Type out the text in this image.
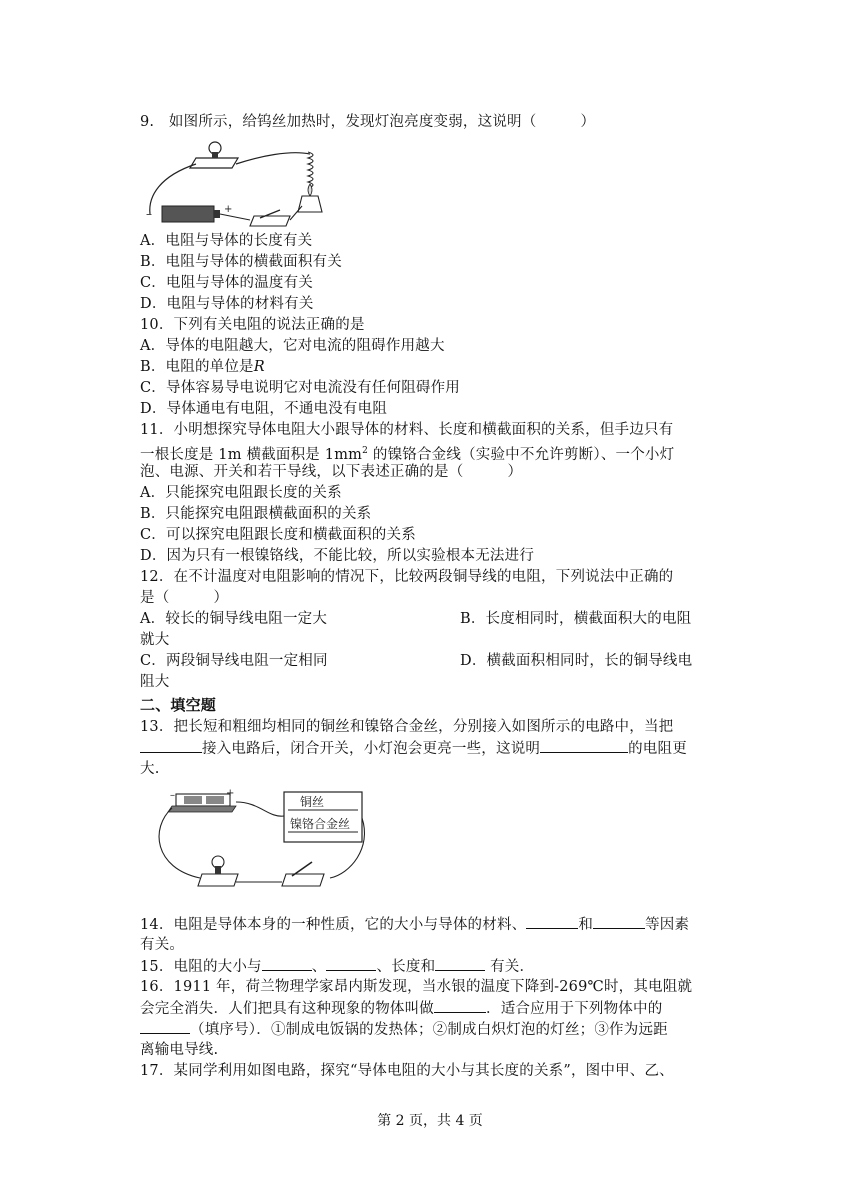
9.　如图所示，给钨丝加热时，发现灯泡亮度变弱，这说明（　　　）
–	+
A．电阻与导体的长度有关
B．电阻与导体的横截面积有关
C．电阻与导体的温度有关
D．电阻与导体的材料有关
10．下列有关电阻的说法正确的是
A．导体的电阻越大，它对电流的阻碍作用越大
B．电阻的单位是R
C．导体容易导电说明它对电流没有任何阻碍作用
D．导体通电有电阻，不通电没有电阻
11．小明想探究导体电阻大小跟导体的材料、长度和横截面积的关系，但手边只有
一根长度是 1m 横截面积是 $1mm^2$ 的镍铬合金线（实验中不允许剪断）、一个小灯
泡、电源、开关和若干导线，以下表述正确的是（　　　）
A．只能探究电阻跟长度的关系
B．只能探究电阻跟横截面积的关系
C．可以探究电阻跟长度和横截面积的关系
D．因为只有一根镍铬线，不能比较，所以实验根本无法进行
12．在不计温度对电阻影响的情况下，比较两段铜导线的电阻，下列说法中正确的
是（　　　）
A．较长的铜导线电阻一定大	B．长度相同时，横截面积大的电阻
就大
C．两段铜导线电阻一定相同	D．横截面积相同时，长的铜导线电
阻大
二、填空题
13．把长短和粗细均相同的铜丝和镍铬合金丝，分别接入如图所示的电路中，当把
接入电路后，闭合开关，小灯泡会更亮一些，这说明	的电阻更
大.
–	+
铜丝
镍铬合金丝
14．电阻是导体本身的一种性质，它的大小与导体的材料、	和	等因素
有关。
15．电阻的大小与	、	、长度和	有关．
16．1911 年，荷兰物理学家昂内斯发现，当水银的温度下降到-269℃时，其电阻就
会完全消失．人们把具有这种现象的物体叫做	．适合应用于下列物体中的
（填序号）．①制成电饭锅的发热体；②制成白炽灯泡的灯丝；③作为远距
离输电导线.
17．某同学利用如图电路，探究“导体电阻的大小与其长度的关系”，图中甲、乙、
第 2 页，共 4 页
